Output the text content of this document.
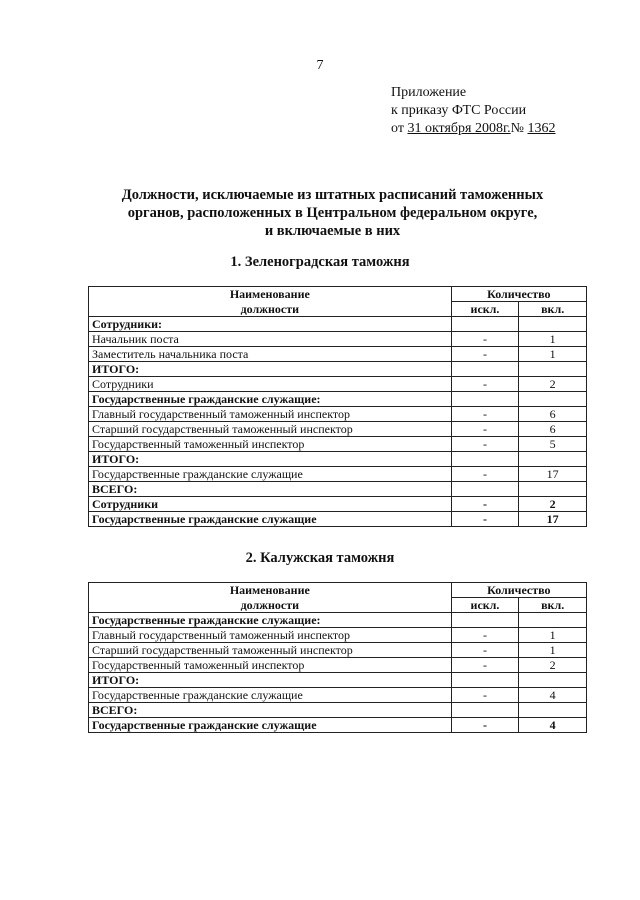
7
Приложение
к приказу ФТС России
от 31 октября 2008г.№ 1362
Должности, исключаемые из штатных расписаний таможенных
органов, расположенных в Центральном федеральном округе,
и включаемые в них
1. Зеленоградская таможня
Наименование	Количество	
должности	искл.	вкл.
Сотрудники:		
Начальник поста	-	1
Заместитель начальника поста	-	1
ИТОГО:		
Сотрудники	-	2
Государственные гражданские служащие:		
Главный государственный таможенный инспектор	-	6
Старший государственный таможенный инспектор	-	6
Государственный таможенный инспектор	-	5
ИТОГО:		
Государственные гражданские служащие	-	17
ВСЕГО:		
Сотрудники	-	2
Государственные гражданские служащие	-	17
2. Калужская таможня
Наименование	Количество	
должности	искл.	вкл.
Государственные гражданские служащие:		
Главный государственный таможенный инспектор	-	1
Старший государственный таможенный инспектор	-	1
Государственный таможенный инспектор	-	2
ИТОГО:		
Государственные гражданские служащие	-	4
ВСЕГО:		
Государственные гражданские служащие	-	4
